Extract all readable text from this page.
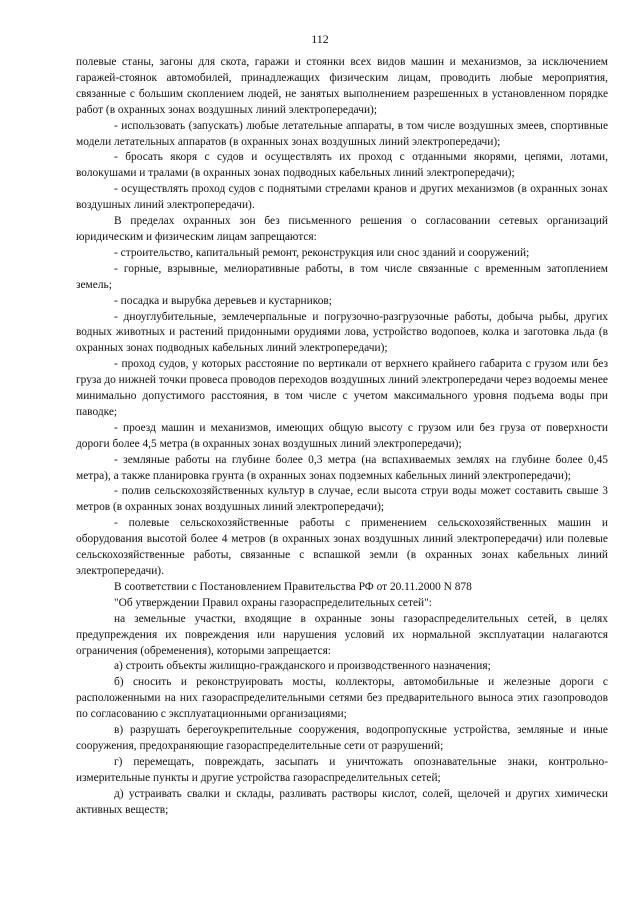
112

полевые станы, загоны для скота, гаражи и стоянки всех видов машин и механизмов, за исключением гаражей-стоянок автомобилей, принадлежащих физическим лицам, проводить любые мероприятия, связанные с большим скоплением людей, не занятых выполнением разрешенных в установленном порядке работ (в охранных зонах воздушных линий электропередачи);

- использовать (запускать) любые летательные аппараты, в том числе воздушных змеев, спортивные модели летательных аппаратов (в охранных зонах воздушных линий электропередачи);

- бросать якоря с судов и осуществлять их проход с отданными якорями, цепями, лотами, волокушами и тралами (в охранных зонах подводных кабельных линий электропередачи);

- осуществлять проход судов с поднятыми стрелами кранов и других механизмов (в охранных зонах воздушных линий электропередачи).

В пределах охранных зон без письменного решения о согласовании сетевых организаций юридическим и физическим лицам запрещаются:

- строительство, капитальный ремонт, реконструкция или снос зданий и сооружений;

- горные, взрывные, мелиоративные работы, в том числе связанные с временным затоплением земель;

- посадка и вырубка деревьев и кустарников;

- дноуглубительные, землечерпальные и погрузочно-разгрузочные работы, добыча рыбы, других водных животных и растений придонными орудиями лова, устройство водопоев, колка и заготовка льда (в охранных зонах подводных кабельных линий электропередачи);

- проход судов, у которых расстояние по вертикали от верхнего крайнего габарита с грузом или без груза до нижней точки провеса проводов переходов воздушных линий электропередачи через водоемы менее минимально допустимого расстояния, в том числе с учетом максимального уровня подъема воды при паводке;

- проезд машин и механизмов, имеющих общую высоту с грузом или без груза от поверхности дороги более 4,5 метра (в охранных зонах воздушных линий электропередачи);

- земляные работы на глубине более 0,3 метра (на вспахиваемых землях на глубине более 0,45 метра), а также планировка грунта (в охранных зонах подземных кабельных линий электропередачи);

- полив сельскохозяйственных культур в случае, если высота струи воды может составить свыше 3 метров (в охранных зонах воздушных линий электропередачи);

- полевые сельскохозяйственные работы с применением сельскохозяйственных машин и оборудования высотой более 4 метров (в охранных зонах воздушных линий электропередачи) или полевые сельскохозяйственные работы, связанные с вспашкой земли (в охранных зонах кабельных линий электропередачи).

В соответствии с Постановлением Правительства РФ от 20.11.2000 N 878

"Об утверждении Правил охраны газораспределительных сетей":

на земельные участки, входящие в охранные зоны газораспределительных сетей, в целях предупреждения их повреждения или нарушения условий их нормальной эксплуатации налагаются ограничения (обременения), которыми запрещается:

а) строить объекты жилищно-гражданского и производственного назначения;

б) сносить и реконструировать мосты, коллекторы, автомобильные и железные дороги с расположенными на них газораспределительными сетями без предварительного выноса этих газопроводов по согласованию с эксплуатационными организациями;

в) разрушать берегоукрепительные сооружения, водопропускные устройства, земляные и иные сооружения, предохраняющие газораспределительные сети от разрушений;

г) перемещать, повреждать, засыпать и уничтожать опознавательные знаки, контрольно-измерительные пункты и другие устройства газораспределительных сетей;

д) устраивать свалки и склады, разливать растворы кислот, солей, щелочей и других химически активных веществ;
